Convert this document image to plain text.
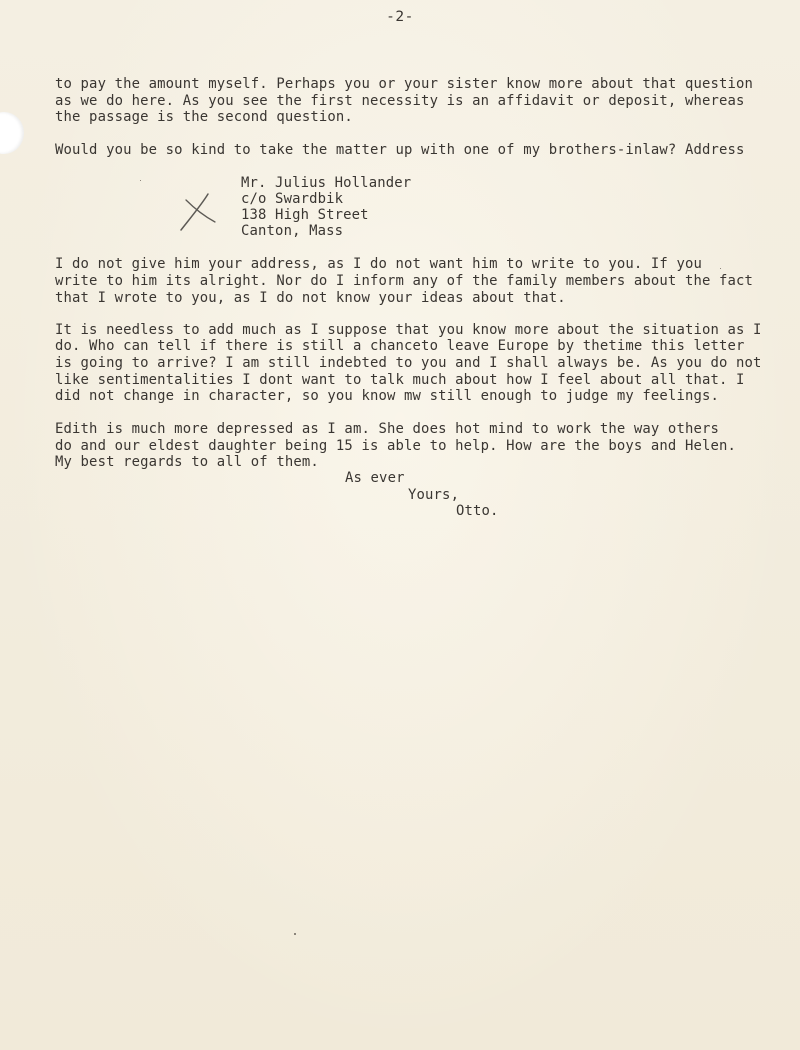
-2-
to pay the amount myself. Perhaps you or your sister know more about that question
as we do here. As you see the first necessity is an affidavit or deposit, whereas
the passage is the second question.
Would you be so kind to take the matter up with one of my brothers-inlaw? Address
Mr. Julius Hollander
c/o Swardbik
138 High Street
Canton, Mass
I do not give him your address, as I do not want him to write to you. If you
write to him its alright. Nor do I inform any of the family members about the fact
that I wrote to you, as I do not know your ideas about that.
It is needless to add much as I suppose that you know more about the situation as I
do. Who can tell if there is still a chanceto leave Europe by thetime this letter
is going to arrive? I am still indebted to you and I shall always be. As you do not
like sentimentalities I dont want to talk much about how I feel about all that. I
did not change in character, so you know mw still enough to judge my feelings.
Edith is much more depressed as I am. She does hot mind to work the way others
do and our eldest daughter being 15 is able to help. How are the boys and Helen.
My best regards to all of them.
As ever
Yours,
Otto.
